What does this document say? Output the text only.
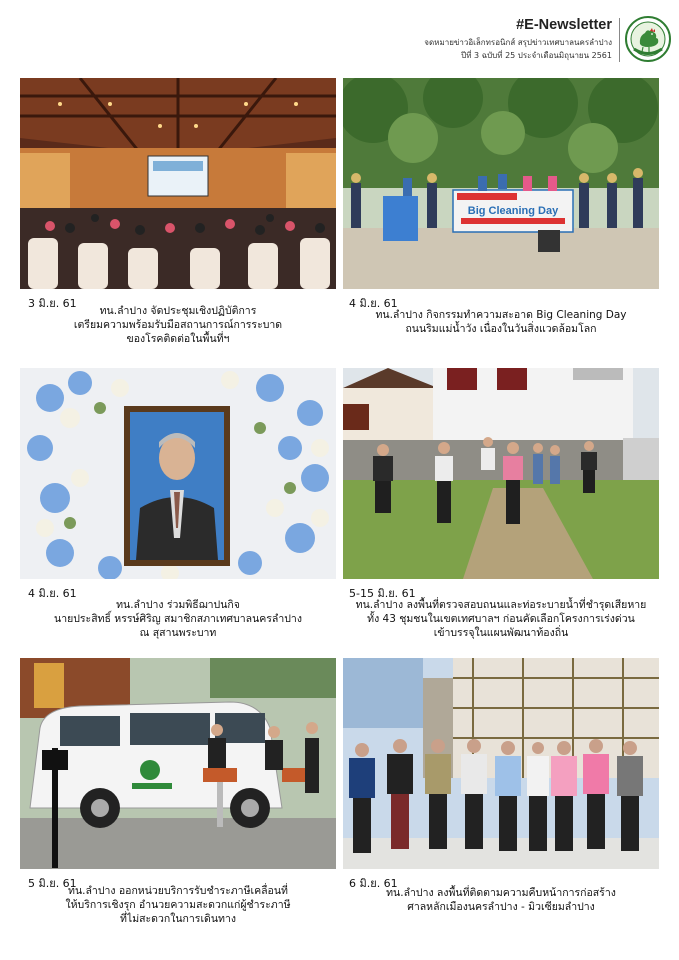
#E-Newsletter
จดหมายข่าวอิเล็กทรอนิกส์ สรุปข่าวเทศบาลนครลำปาง
ปีที่ 3 ฉบับที่ 25 ประจำเดือนมิถุนายน 2561
3 มิ.ย. 61
ทน.ลำปาง จัดประชุมเชิงปฏิบัติการ
เตรียมความพร้อมรับมือสถานการณ์การระบาด
ของโรคติดต่อในพื้นที่ฯ
Big Cleaning Day
4 มิ.ย. 61
ทน.ลำปาง กิจกรรมทำความสะอาด Big Cleaning Day
ถนนริมแม่น้ำวัง เนื่องในวันสิ่งแวดล้อมโลก
4 มิ.ย. 61
ทน.ลำปาง ร่วมพิธีฌาปนกิจ
นายประสิทธิ์ หรรษ์ศิริญ สมาชิกสภาเทศบาลนครลำปาง
ณ สุสานพระบาท
5-15 มิ.ย. 61
ทน.ลำปาง ลงพื้นที่ตรวจสอบถนนและท่อระบายน้ำที่ชำรุดเสียหาย
ทั้ง 43 ชุมชนในเขตเทศบาลฯ ก่อนคัดเลือกโครงการเร่งด่วน
เข้าบรรจุในแผนพัฒนาท้องถิ่น
5 มิ.ย. 61
ทน.ลำปาง ออกหน่วยบริการรับชำระภาษีเคลื่อนที่
ให้บริการเชิงรุก อำนวยความสะดวกแก่ผู้ชำระภาษี
ที่ไม่สะดวกในการเดินทาง
6 มิ.ย. 61
ทน.ลำปาง ลงพื้นที่ติดตามความคืบหน้าการก่อสร้าง
ศาลหลักเมืองนครลำปาง - มิวเซียมลำปาง
